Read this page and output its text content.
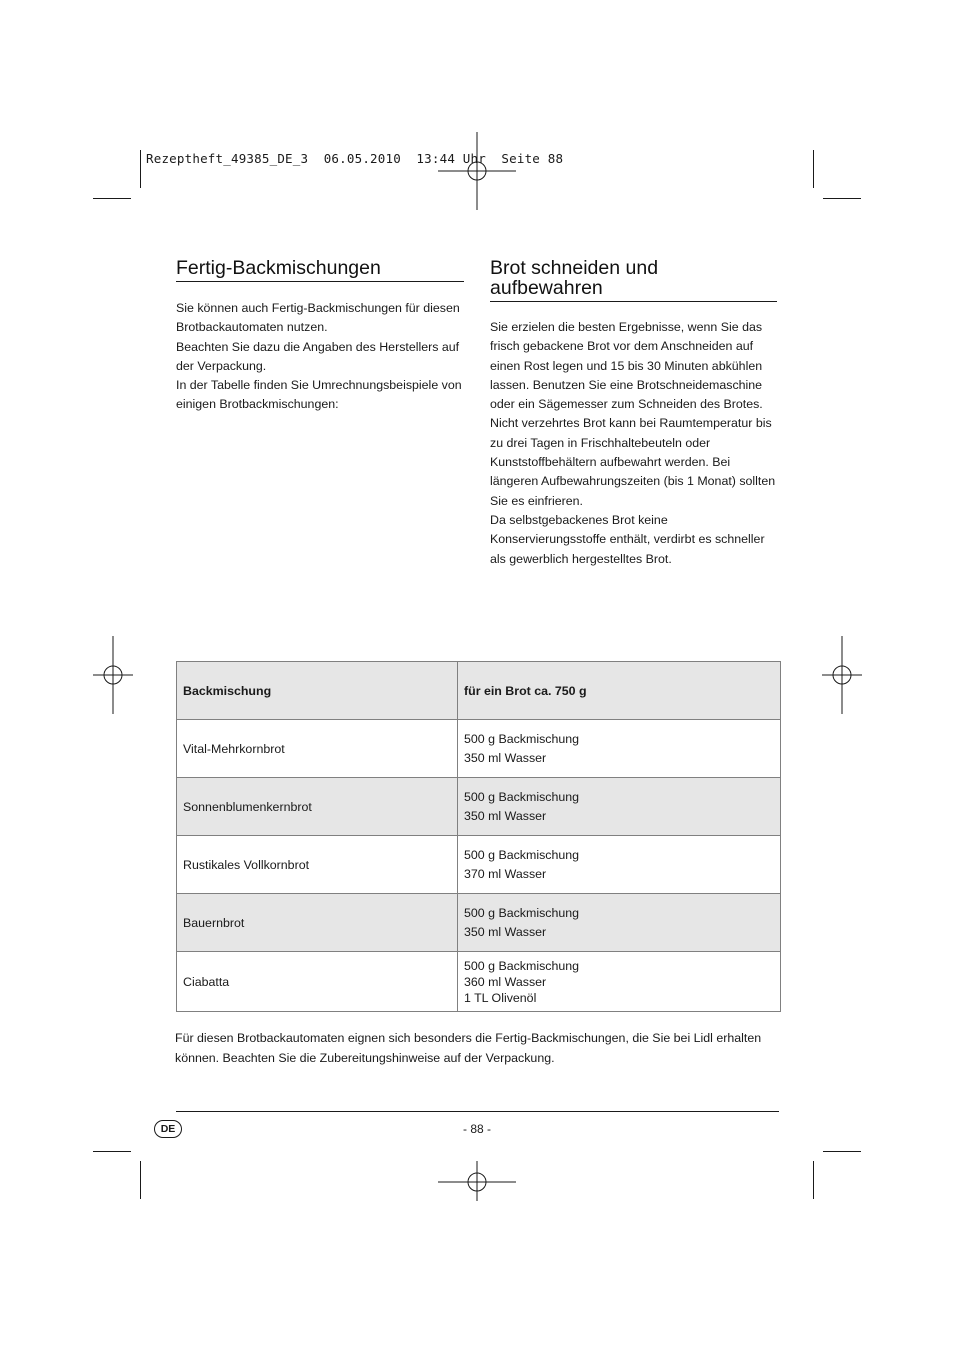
Rezeptheft_49385_DE_3 06.05.2010 13:44 Uhr Seite 88
Fertig-Backmischungen

Sie können auch Fertig-Backmischungen für diesen Brotbackautomaten nutzen.

Beachten Sie dazu die Angaben des Herstellers auf der Verpackung.

In der Tabelle finden Sie Umrechnungsbeispiele von einigen Brotbackmischungen:

Brot schneiden und aufbewahren

Sie erzielen die besten Ergebnisse, wenn Sie das frisch gebackene Brot vor dem Anschneiden auf einen Rost legen und 15 bis 30 Minuten abkühlen lassen. Benutzen Sie eine Brotschneidemaschine oder ein Sägemesser zum Schneiden des Brotes.

Nicht verzehrtes Brot kann bei Raumtemperatur bis zu drei Tagen in Frischhaltebeuteln oder Kunststoffbehältern aufbewahrt werden. Bei längeren Aufbewahrungszeiten (bis 1 Monat) sollten Sie es einfrieren.

Da selbstgebackenes Brot keine Konservierungsstoffe enthält, verdirbt es schneller als gewerblich hergestelltes Brot.

Backmischung	für ein Brot ca. 750 g
Vital-Mehrkornbrot	500 g Backmischung
350 ml Wasser

Sonnenblumenkernbrot	500 g Backmischung
350 ml Wasser

Rustikales Vollkornbrot	500 g Backmischung
370 ml Wasser

Bauernbrot	500 g Backmischung
350 ml Wasser

Ciabatta	500 g Backmischung
360 ml Wasser
1 TL Olivenöl

Für diesen Brotbackautomaten eignen sich besonders die Fertig-Backmischungen, die Sie bei Lidl erhalten

können. Beachten Sie die Zubereitungshinweise auf der Verpackung.

DE	- 88 -
